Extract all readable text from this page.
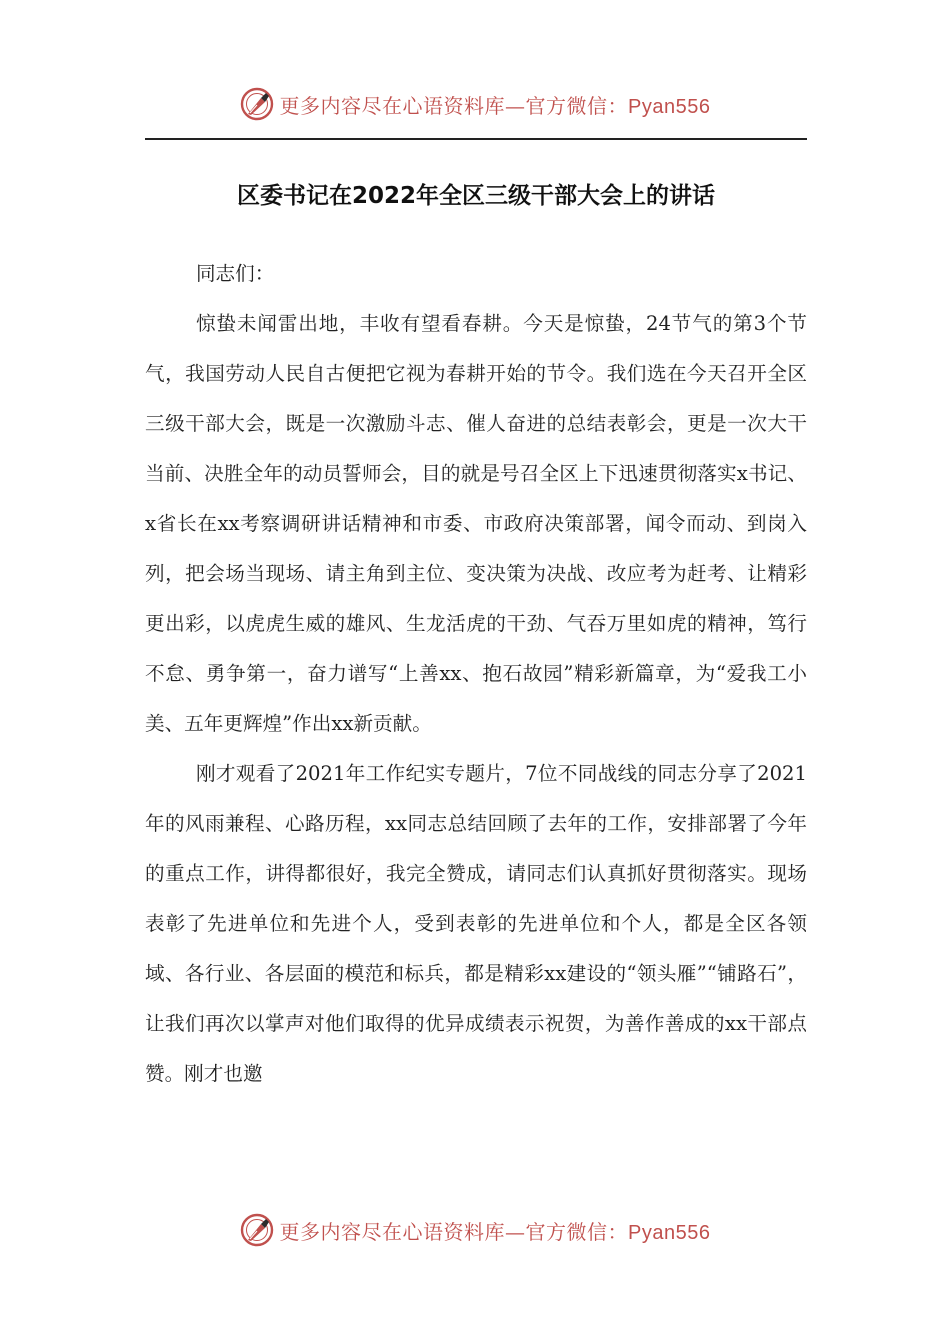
更多内容尽在心语资料库—官方微信：Pyan556
区委书记在2022年全区三级干部大会上的讲话

同志们：

惊蛰未闻雷出地，丰收有望看春耕。今天是惊蛰，24节气的第3个节气，我国劳动人民自古便把它视为春耕开始的节令。我们选在今天召开全区三级干部大会，既是一次激励斗志、催人奋进的总结表彰会，更是一次大干当前、决胜全年的动员誓师会，目的就是号召全区上下迅速贯彻落实x书记、x省长在xx考察调研讲话精神和市委、市政府决策部署，闻令而动、到岗入列，把会场当现场、请主角到主位、变决策为决战、改应考为赶考、让精彩更出彩，以虎虎生威的雄风、生龙活虎的干劲、气吞万里如虎的精神，笃行不怠、勇争第一，奋力谱写“上善xx、抱石故园”精彩新篇章，为“爱我工小美、五年更辉煌”作出xx新贡献。

刚才观看了2021年工作纪实专题片，7位不同战线的同志分享了2021年的风雨兼程、心路历程，xx同志总结回顾了去年的工作，安排部署了今年的重点工作，讲得都很好，我完全赞成，请同志们认真抓好贯彻落实。现场表彰了先进单位和先进个人，受到表彰的先进单位和个人，都是全区各领域、各行业、各层面的模范和标兵，都是精彩xx建设的“领头雁”“铺路石”，让我们再次以掌声对他们取得的优异成绩表示祝贺，为善作善成的xx干部点赞。刚才也邀

更多内容尽在心语资料库—官方微信：Pyan556
